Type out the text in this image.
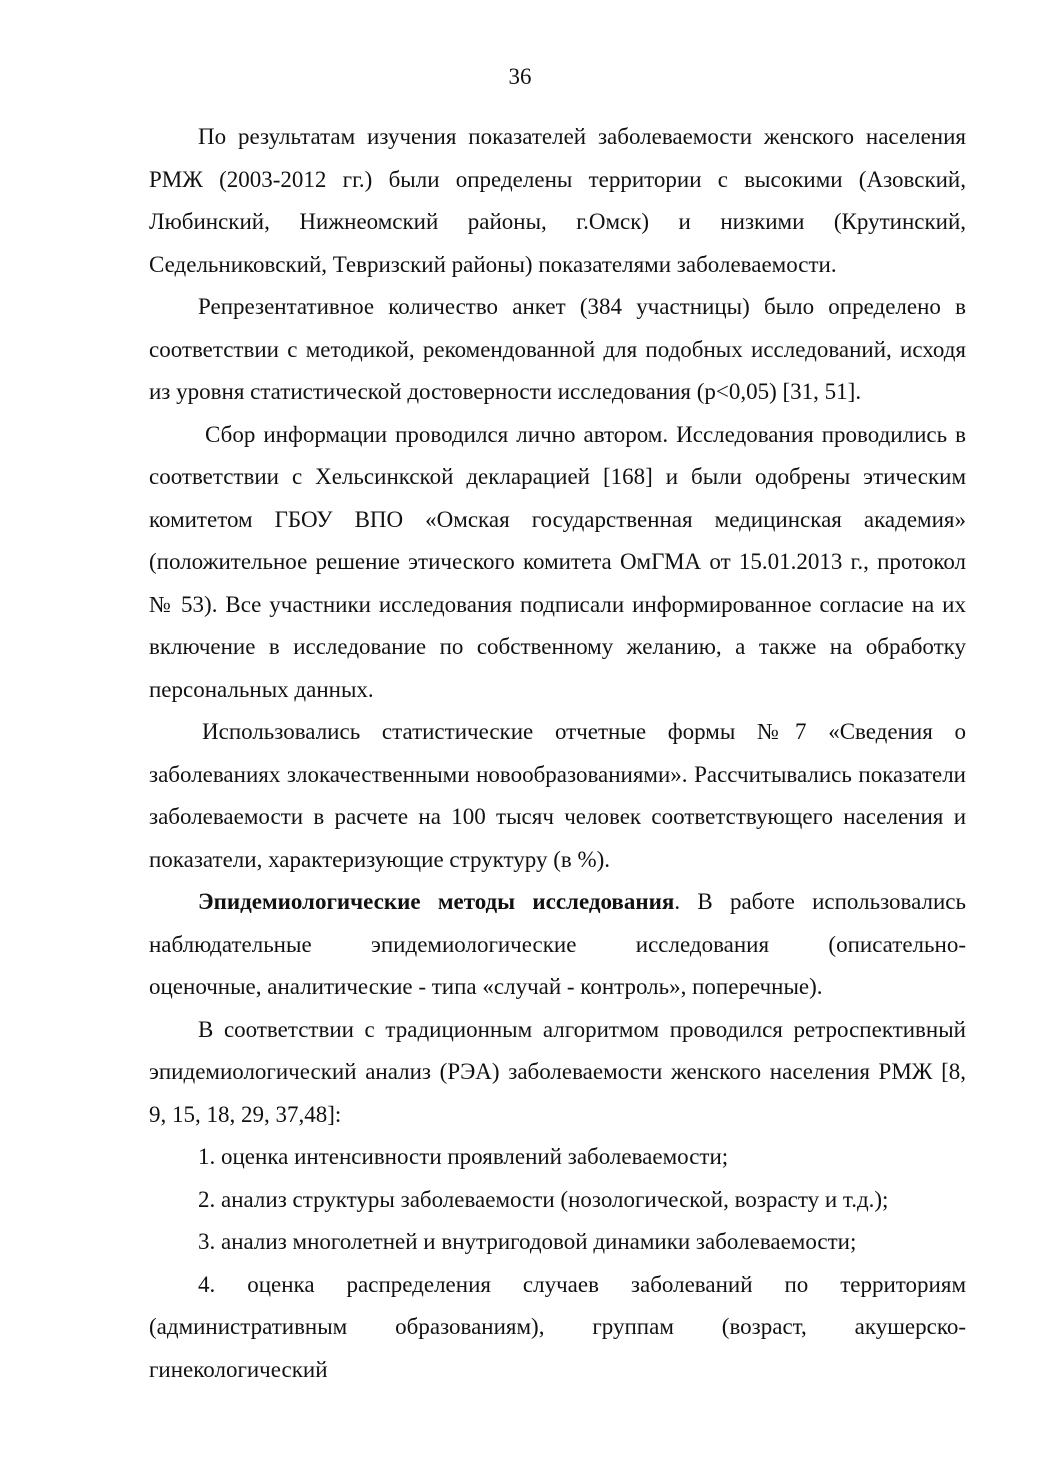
36

По результатам изучения показателей заболеваемости женского населения РМЖ (2003-2012 гг.) были определены территории с высокими (Азовский, Любинский, Нижнеомский районы, г.Омск) и низкими (Крутинский, Седельниковский, Тевризский районы) показателями заболеваемости.

Репрезентативное количество анкет (384 участницы) было определено в соответствии с методикой, рекомендованной для подобных исследований, исходя из уровня статистической достоверности исследования (p<0,05) [31, 51].

Сбор информации проводился лично автором. Исследования проводились в соответствии с Хельсинкской декларацией [168] и были одобрены этическим комитетом ГБОУ ВПО «Омская государственная медицинская академия» (положительное решение этического комитета ОмГМА от 15.01.2013 г., протокол № 53). Все участники исследования подписали информированное согласие на их включение в исследование по собственному желанию, а также на обработку персональных данных.

Использовались статистические отчетные формы №7 «Сведения о заболеваниях злокачественными новообразованиями». Рассчитывались показатели заболеваемости в расчете на 100 тысяч человек соответствующего населения и показатели, характеризующие структуру (в %).

Эпидемиологические методы исследования. В работе использовались наблюдательные эпидемиологические исследования (описательно-

оценочные, аналитические - типа «случай - контроль», поперечные).

В соответствии с традиционным алгоритмом проводился ретроспективный эпидемиологический анализ (РЭА) заболеваемости женского населения РМЖ [8, 9, 15, 18, 29, 37,48]:

1. оценка интенсивности проявлений заболеваемости;

2. анализ структуры заболеваемости (нозологической, возрасту и т.д.);

3. анализ многолетней и внутригодовой динамики заболеваемости;

4. оценка распределения случаев заболеваний по территориям (административным образованиям), группам (возраст, акушерско-гинекологический
